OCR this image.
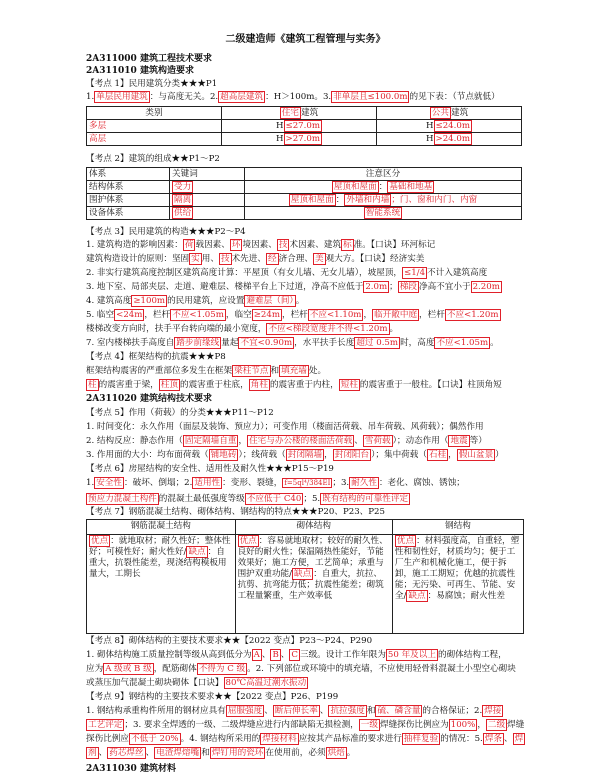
二级建造师《建筑工程管理与实务》
2A311000 建筑工程技术要求
2A311010 建筑构造要求
【考点 1】民用建筑分类★★★P1
1. 单层民用建筑 ：与高度无关。2. 超高层建筑 ：H＞100m。3. 非单层且≤100.0m 的见下表：（节点就低）
类别	住宅 建筑	公共 建筑
多层	H ≤27.0m	H ≤24.0m
高层	H >27.0m	H >24.0m
【考点 2】建筑的组成★★P1～P2
体系	关键词	注意区分
结构体系	受力	屋顶和屋面 ： 基础和地基
围护体系	隔离	屋顶和屋面 ： 外墙和内墙 ；门、窗和内门、内窗
设备体系	供给	智能系统
【考点 3】民用建筑的构造★★★P2～P4
1. 建筑构造的影响因素： 荷 载因素、 环 境因素、 技 术因素、建筑 标 准。【口诀】环河标记
建筑构造设计的原则：坚固 实 用、 技 术先进、 经 济合理、 美 观大方。【口诀】经济实美
2. 非实行建筑高度控制区建筑高度计算：平屋顶（有女儿墙、无女儿墙），坡屋顶， ≤1/4 不计入建筑高度
3. 地下室、局部夹层、走道、避难层、楼梯平台上下过道，净高不应低于 2.0m ； 梯段 净高不宜小于 2.20m
4. 建筑高度 ≥100m 的民用建筑，应设置 避难层（间） 。
5. 临空 <24m ，栏杆 不应<1.05m ，临空 ≥24m ，栏杆 不应<1.10m ， 临开敞中庭 ，栏杆 不应<1.20m
楼梯改变方向时，扶手平台转向端的最小宽度， 不应<梯段宽度并不得<1.20m 。
7. 室内楼梯扶手高度自 踏步前缘线 量起 不宜<0.90m ，水平扶手长度 超过 0.5m 时，高度 不应<1.05m 。
【考点 4】框架结构的抗震★★★P8
框架结构震害的严重部位多发生在框架 梁柱节点 和 填充墙 处。
柱 的震害重于梁， 柱顶 的震害重于柱底， 角柱 的震害重于内柱， 短柱 的震害重于一般柱。【口诀】柱顶角短
2A311020 建筑结构技术要求
【考点 5】作用（荷载）的分类★★★P11～P12
1. 时间变化：永久作用（面层及装饰、预应力）；可变作用（楼面活荷载、吊车荷载、风荷载）；偶然作用
2. 结构反应：静态作用（ 固定隔墙自重 ， 住宅与办公楼的楼面活荷载 、 雪荷载 ）；动态作用（ 地震 等）
3. 作用面的大小：均布面荷载（ 铺地砖 ）；线荷载（ 封闭隔墙 ， 封闭阳台 ）；集中荷载（ 石桂 ， 假山盆景 ）
【考点 6】房屋结构的安全性、适用性及耐久性★★★P15～P19
1. 安全性 ：破坏、倒塌；2. 适用性 ：变形、裂缝， f=5ql⁴/384EI ；3. 耐久性 ：老化、腐蚀、锈蚀；
预应力混凝土构件 的混凝土最低强度等级 不应低于 C40 ；5. 既有结构的可靠性评定
【考点 7】钢筋混凝土结构、砌体结构、钢结构的特点★★★P20、P23、P25
钢筋混凝土结构	砌体结构	钢结构
优点 ：就地取材；耐久性好；整体性好；可模性好；耐火性好/ 缺点 ：自重大，抗裂性能差，现浇结构模板用量大，工期长	优点 ：容易就地取材；较好的耐久性、良好的耐火性；保温隔热性能好，节能效果好；施工方便，工艺简单；承重与围护双重功能/ 缺点 ：自重大，抗拉、抗剪、抗弯能力低；抗震性能差；砌筑工程量繁重，生产效率低	优点 ：材料强度高，自重轻，塑性和韧性好，材质均匀；便于工厂生产和机械化施工，便于拆卸，施工工期短；优越的抗震性能；无污染、可再生、节能、安全/ 缺点 ：易腐蚀；耐火性差
【考点 8】砌体结构的主要技术要求★★【2022 变点】P23～P24、P290
1. 砌体结构施工质量控制等级从高到低分为 A 、 B 、 C 三级。设计工作年限为 50 年及以上 的砌体结构工程，
应为 A 级或 B 级 ，配筋砌体 不得为 C 级 。2. 下列部位或环境中的填充墙，不应使用轻骨料混凝土小型空心砌块
或蒸压加气混凝土砌块砌体【口诀】 80℃高温过潮水振动
【考点 9】钢结构的主要技术要求★★【2022 变点】P26、P199
1. 钢结构承重构件所用的钢材应具有 屈服强度 、 断后伸长率 、 抗拉强度 和 硫、磷含量 的合格保证；2. 焊接
工艺评定 ；3. 要求全焊透的一级、二级焊缝应进行内部缺陷无损检测， 一级 焊缝探伤比例应为 100% ， 二级 焊缝
探伤比例应 不低于 20% 。4. 钢结构所采用的 焊接材料 应按其产品标准的要求进行 抽样复验 的情况：5. 焊条 、 焊
剂 、 药芯焊丝 、 电渣焊熔嘴 和 焊钉用的瓷环 在使用前，必须 烘焙 。
2A311030 建筑材料
